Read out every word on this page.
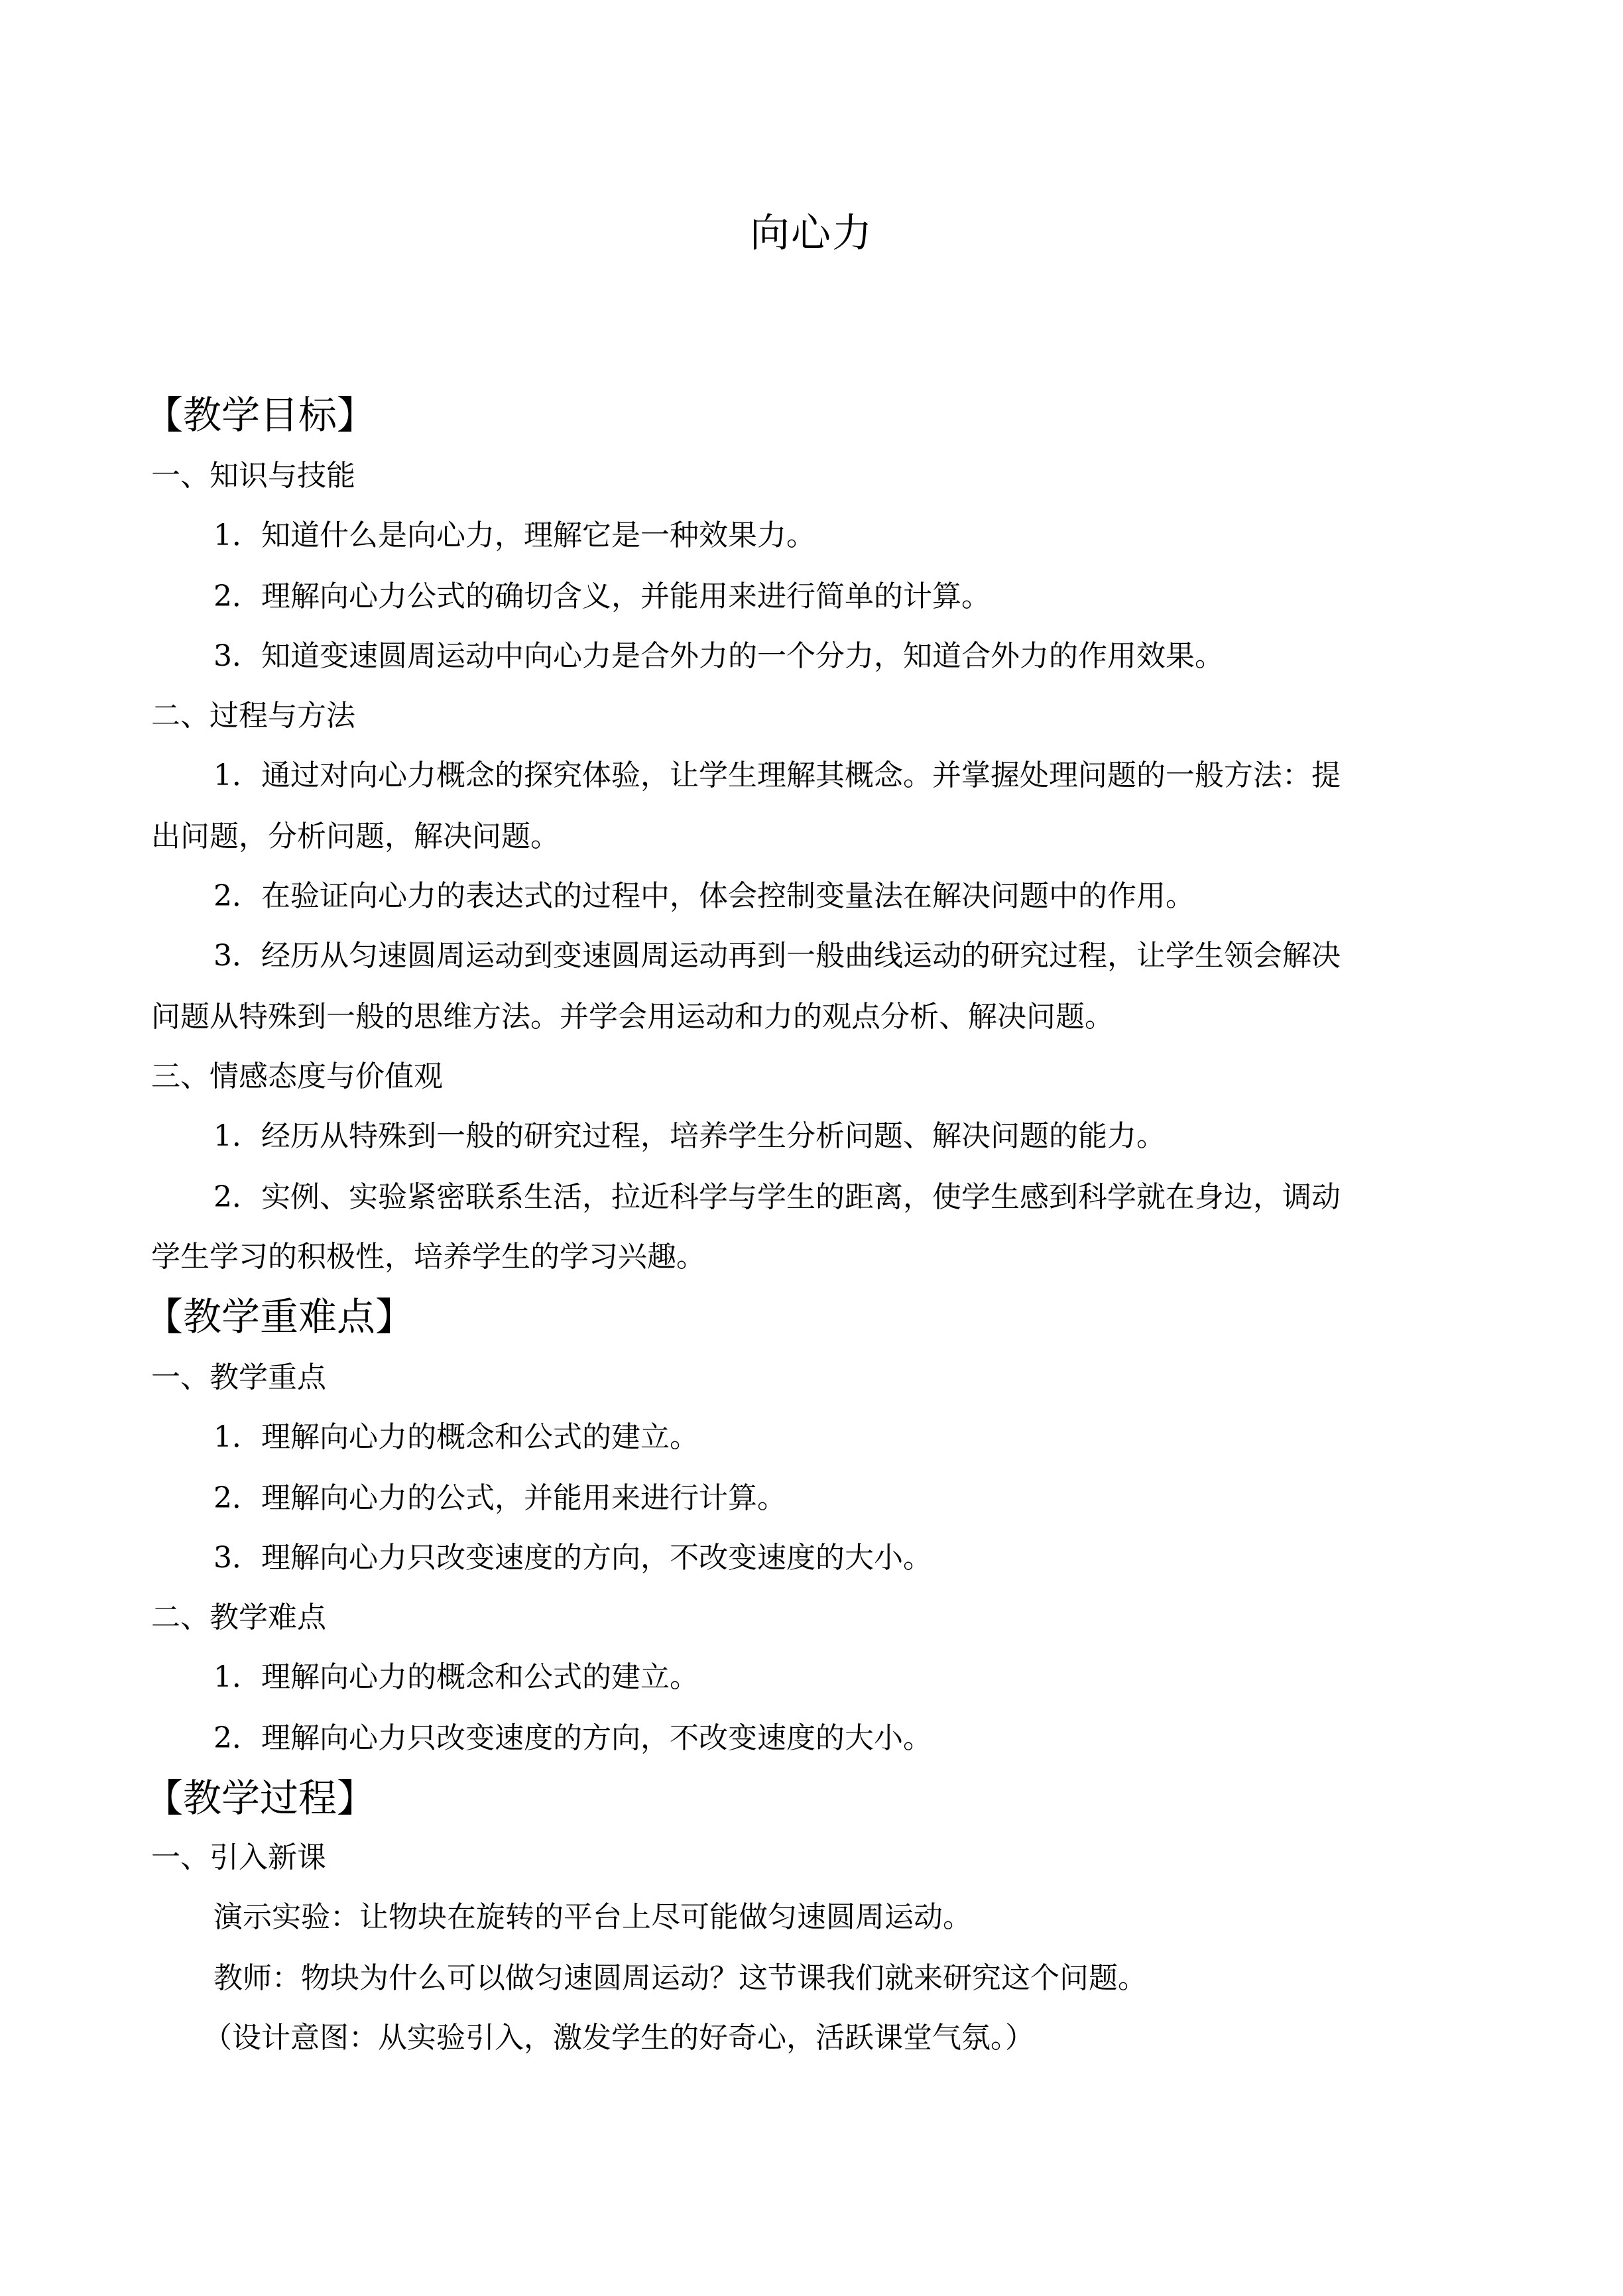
向心力
【教学目标】
一、知识与技能
1．知道什么是向心力，理解它是一种效果力。
2．理解向心力公式的确切含义，并能用来进行简单的计算。
3．知道变速圆周运动中向心力是合外力的一个分力，知道合外力的作用效果。
二、过程与方法
1．通过对向心力概念的探究体验，让学生理解其概念。并掌握处理问题的一般方法：提
出问题，分析问题，解决问题。
2．在验证向心力的表达式的过程中，体会控制变量法在解决问题中的作用。
3．经历从匀速圆周运动到变速圆周运动再到一般曲线运动的研究过程，让学生领会解决
问题从特殊到一般的思维方法。并学会用运动和力的观点分析、解决问题。
三、情感态度与价值观
1．经历从特殊到一般的研究过程，培养学生分析问题、解决问题的能力。
2．实例、实验紧密联系生活，拉近科学与学生的距离，使学生感到科学就在身边，调动
学生学习的积极性，培养学生的学习兴趣。
【教学重难点】
一、教学重点
1．理解向心力的概念和公式的建立。
2．理解向心力的公式，并能用来进行计算。
3．理解向心力只改变速度的方向，不改变速度的大小。
二、教学难点
1．理解向心力的概念和公式的建立。
2．理解向心力只改变速度的方向，不改变速度的大小。
【教学过程】
一、引入新课
演示实验：让物块在旋转的平台上尽可能做匀速圆周运动。
教师：物块为什么可以做匀速圆周运动？这节课我们就来研究这个问题。
（设计意图：从实验引入，激发学生的好奇心，活跃课堂气氛。）
